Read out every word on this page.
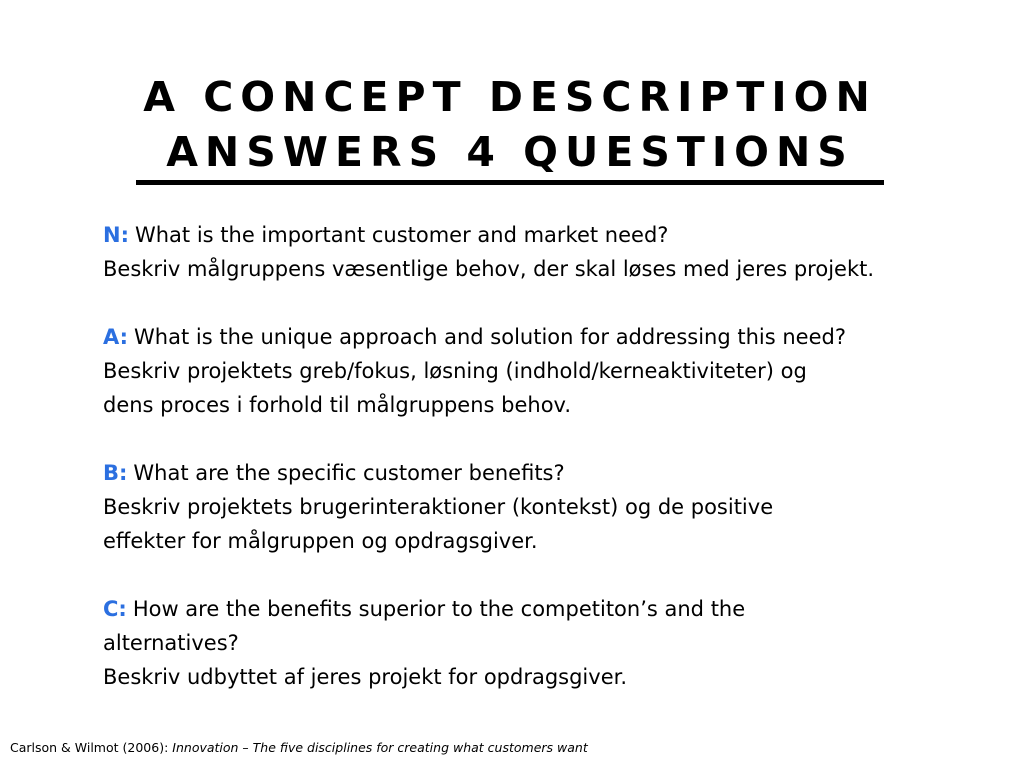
A CONCEPT DESCRIPTION
ANSWERS 4 QUESTIONS
N: What is the important customer and market need?
Beskriv målgruppens væsentlige behov, der skal løses med jeres projekt.
A: What is the unique approach and solution for addressing this need?
Beskriv projektets greb/fokus, løsning (indhold/kerneaktiviteter) og
dens proces i forhold til målgruppens behov.
B: What are the specific customer benefits?
Beskriv projektets brugerinteraktioner (kontekst) og de positive
effekter for målgruppen og opdragsgiver.
C: How are the benefits superior to the competiton’s and the alternatives?
Beskriv udbyttet af jeres projekt for opdragsgiver.
Carlson & Wilmot (2006): Innovation – The five disciplines for creating what customers want
